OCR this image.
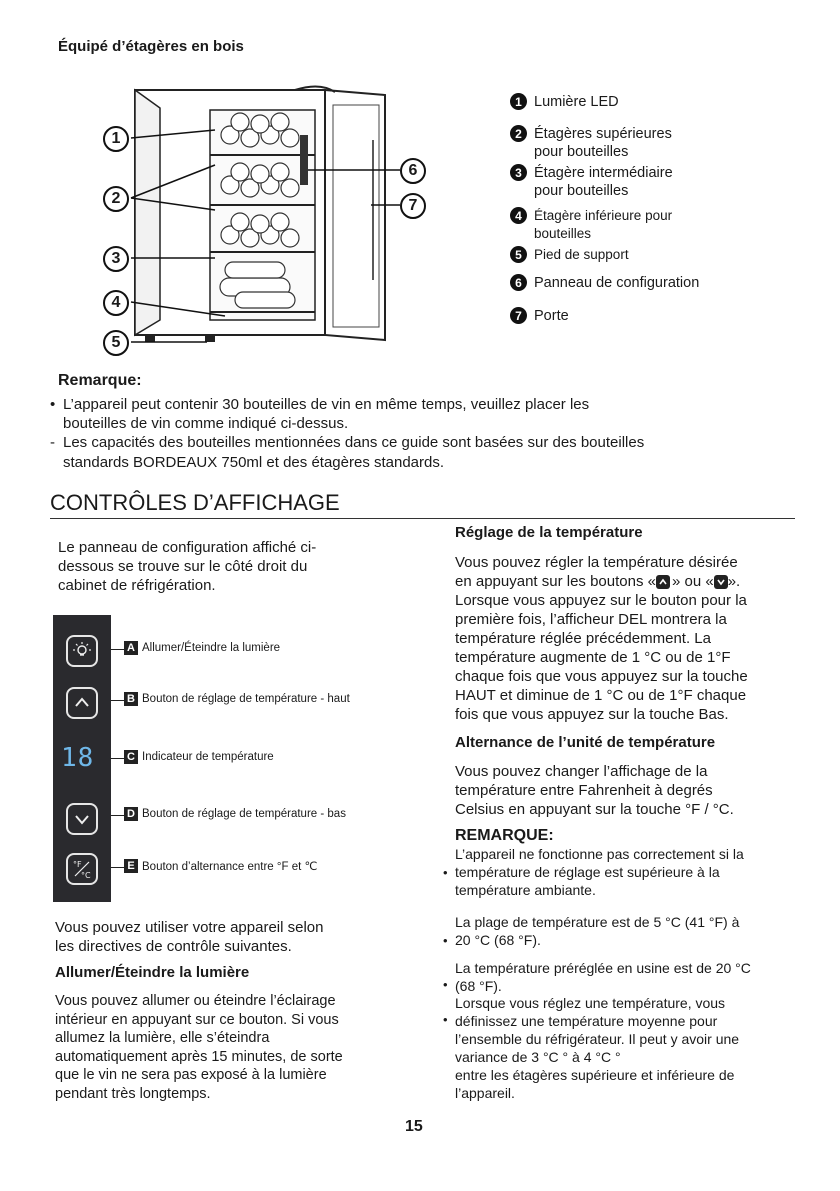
Équipé d’étagères en bois
1
2
3
4
5
6
7
1 Lumière LED
2 Étagères supérieures
pour bouteilles
3 Étagère intermédiaire
pour bouteilles
4 Étagère inférieure pour
bouteilles
5 Pied de support
6 Panneau de configuration
7 Porte
Remarque:
• L’appareil peut contenir 30 bouteilles de vin en même temps, veuillez placer les
bouteilles de vin comme indiqué ci-dessus.
- Les capacités des bouteilles mentionnées dans ce guide sont basées sur des bouteilles
standards BORDEAUX 750ml et des étagères standards.
CONTRÔLES D’AFFICHAGE
Le panneau de configuration affiché ci-
dessous se trouve sur le côté droit du
cabinet de réfrigération.
18
°F
°C
A Allumer/Éteindre la lumière
B Bouton de réglage de température - haut
C Indicateur de température
D Bouton de réglage de température - bas
E Bouton d’alternance entre °F et ℃
Vous pouvez utiliser votre appareil selon
les directives de contrôle suivantes.
Allumer/Éteindre la lumière
Vous pouvez allumer ou éteindre l’éclairage
intérieur en appuyant sur ce bouton. Si vous
allumez la lumière, elle s’éteindra
automatiquement après 15 minutes, de sorte
que le vin ne sera pas exposé à la lumière
pendant très longtemps.
Réglage de la température
Vous pouvez régler la température désirée
en appuyant sur les boutons « » ou « ».
Lorsque vous appuyez sur le bouton pour la
première fois, l’afficheur DEL montrera la
température réglée précédemment. La
température augmente de 1 °C ou de 1°F
chaque fois que vous appuyez sur la touche
HAUT et diminue de 1 °C ou de 1°F chaque
fois que vous appuyez sur la touche Bas.
Alternance de l’unité de température
Vous pouvez changer l’affichage de la
température entre Fahrenheit à degrés
Celsius en appuyant sur la touche °F / °C.
REMARQUE:
•
L’appareil ne fonctionne pas correctement si la
température de réglage est supérieure à la
température ambiante.
•
La plage de température est de 5 °C (41 °F) à
20 °C (68 °F).
•
La température préréglée en usine est de 20 °C
(68 °F).
•
Lorsque vous réglez une température, vous
définissez une température moyenne pour
l’ensemble du réfrigérateur. Il peut y avoir une
variance de 3 °C ° à 4 °C °
entre les étagères supérieure et inférieure de
l’appareil.
15
